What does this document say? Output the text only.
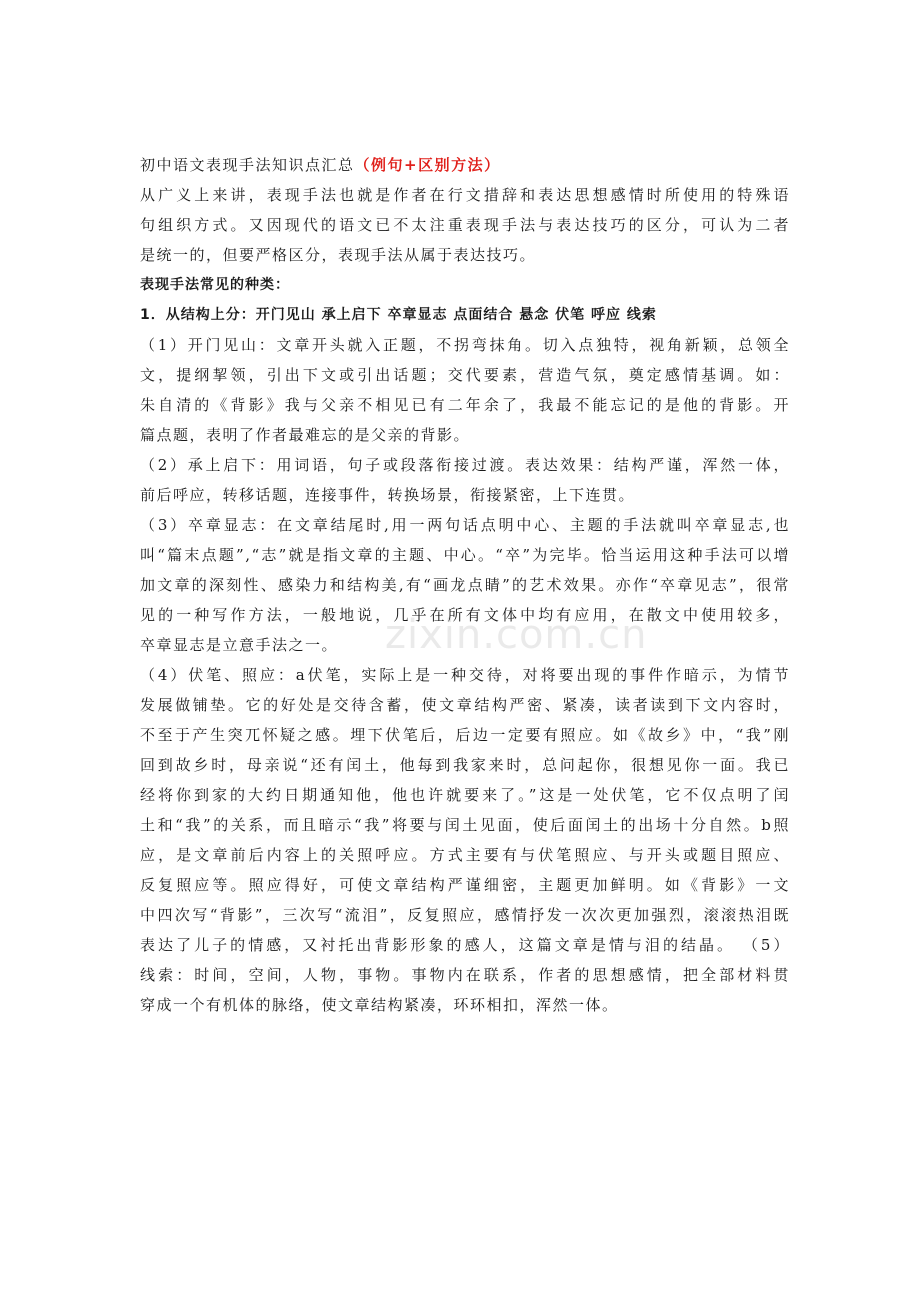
zixin.com.cn
初中语文表现手法知识点汇总（例句+区别方法）
从广义上来讲，表现手法也就是作者在行文措辞和表达思想感情时所使用的特殊语
句组织方式。又因现代的语文已不太注重表现手法与表达技巧的区分，可认为二者
是统一的，但要严格区分，表现手法从属于表达技巧。
表现手法常见的种类：
1．从结构上分：开门见山 承上启下 卒章显志 点面结合 悬念 伏笔 呼应 线索
（1）开门见山：文章开头就入正题，不拐弯抹角。切入点独特，视角新颖，总领全
文，提纲挈领，引出下文或引出话题；交代要素，营造气氛，奠定感情基调。如：
朱自清的《背影》我与父亲不相见已有二年余了，我最不能忘记的是他的背影。开
篇点题，表明了作者最难忘的是父亲的背影。
（2）承上启下：用词语，句子或段落衔接过渡。表达效果：结构严谨，浑然一体，
前后呼应，转移话题，连接事件，转换场景，衔接紧密，上下连贯。
（3）卒章显志：在文章结尾时,用一两句话点明中心、主题的手法就叫卒章显志,也
叫“篇末点题”,“志”就是指文章的主题、中心。“卒”为完毕。恰当运用这种手法可以增
加文章的深刻性、感染力和结构美,有“画龙点睛”的艺术效果。亦作“卒章见志”，很常
见的一种写作方法，一般地说，几乎在所有文体中均有应用，在散文中使用较多，
卒章显志是立意手法之一。
（4）伏笔、照应：a伏笔，实际上是一种交待，对将要出现的事件作暗示，为情节
发展做铺垫。它的好处是交待含蓄，使文章结构严密、紧凑，读者读到下文内容时，
不至于产生突兀怀疑之感。埋下伏笔后，后边一定要有照应。如《故乡》中，“我”刚
回到故乡时，母亲说“还有闰土，他每到我家来时，总问起你，很想见你一面。我已
经将你到家的大约日期通知他，他也许就要来了。”这是一处伏笔，它不仅点明了闰
土和“我”的关系，而且暗示“我”将要与闰土见面，使后面闰土的出场十分自然。b照
应，是文章前后内容上的关照呼应。方式主要有与伏笔照应、与开头或题目照应、
反复照应等。照应得好，可使文章结构严谨细密，主题更加鲜明。如《背影》一文
中四次写“背影”，三次写“流泪”，反复照应，感情抒发一次次更加强烈，滚滚热泪既
表达了儿子的情感，又衬托出背影形象的感人，这篇文章是情与泪的结晶。 （5）
线索：时间，空间，人物，事物。事物内在联系，作者的思想感情，把全部材料贯
穿成一个有机体的脉络，使文章结构紧凑，环环相扣，浑然一体。
